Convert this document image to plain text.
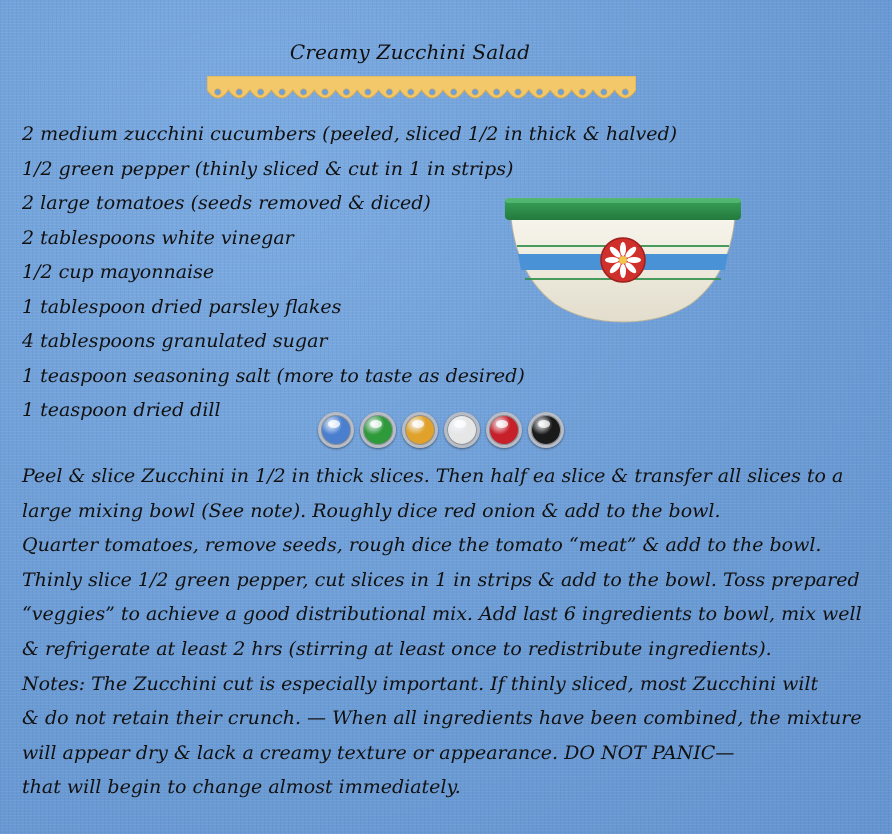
Creamy Zucchini Salad
2 medium zucchini cucumbers (peeled, sliced 1/2 in thick & halved)
1/2 green pepper (thinly sliced & cut in 1 in strips)
2 large tomatoes (seeds removed & diced)
2 tablespoons white vinegar
1/2 cup mayonnaise
1 tablespoon dried parsley flakes
4 tablespoons granulated sugar
1 teaspoon seasoning salt (more to taste as desired)
1 teaspoon dried dill
Peel & slice Zucchini in 1/2 in thick slices. Then half ea slice & transfer all slices to a
large mixing bowl (See note). Roughly dice red onion & add to the bowl.
Quarter tomatoes, remove seeds, rough dice the tomato “meat” & add to the bowl.
Thinly slice 1/2 green pepper, cut slices in 1 in strips & add to the bowl. Toss prepared
“veggies” to achieve a good distributional mix. Add last 6 ingredients to bowl, mix well
& refrigerate at least 2 hrs (stirring at least once to redistribute ingredients).
Notes: The Zucchini cut is especially important. If thinly sliced, most Zucchini wilt
& do not retain their crunch. — When all ingredients have been combined, the mixture
will appear dry & lack a creamy texture or appearance. DO NOT PANIC—
that will begin to change almost immediately.
